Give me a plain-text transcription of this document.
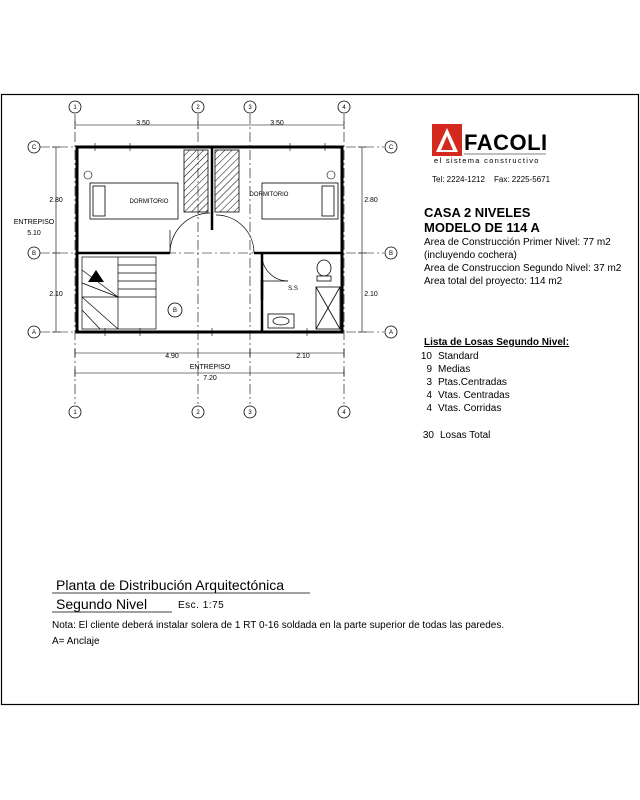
1	2	3	4
1	2	3	4
C
B
A
C
B
A
3.50	3.50
4.90	2.10
ENTREPISO
7.20
2.80
2.10
2.80
2.10
ENTREPISO
5.10
B
DORMITORIO
DORMITORIO
S.S
FACOLI
el sistema constructivo
Tel: 2224-1212 Fax: 2225-5671
CASA 2 NIVELES
MODELO DE 114 A
Area de Construcción Primer Nivel: 77 m2
(incluyendo cochera)
Area de Construccion Segundo Nivel: 37 m2
Area total del proyecto: 114 m2
Lista de Losas Segundo Nivel:
10 Standard
9 Medias
3 Ptas.Centradas
4 Vtas. Centradas
4 Vtas. Corridas
30 Losas Total
Planta de Distribución Arquitectónica
Segundo Nivel	Esc. 1:75
Nota: El cliente deberá instalar solera de 1 RT 0-16 soldada en la parte superior de todas las paredes.
A= Anclaje
